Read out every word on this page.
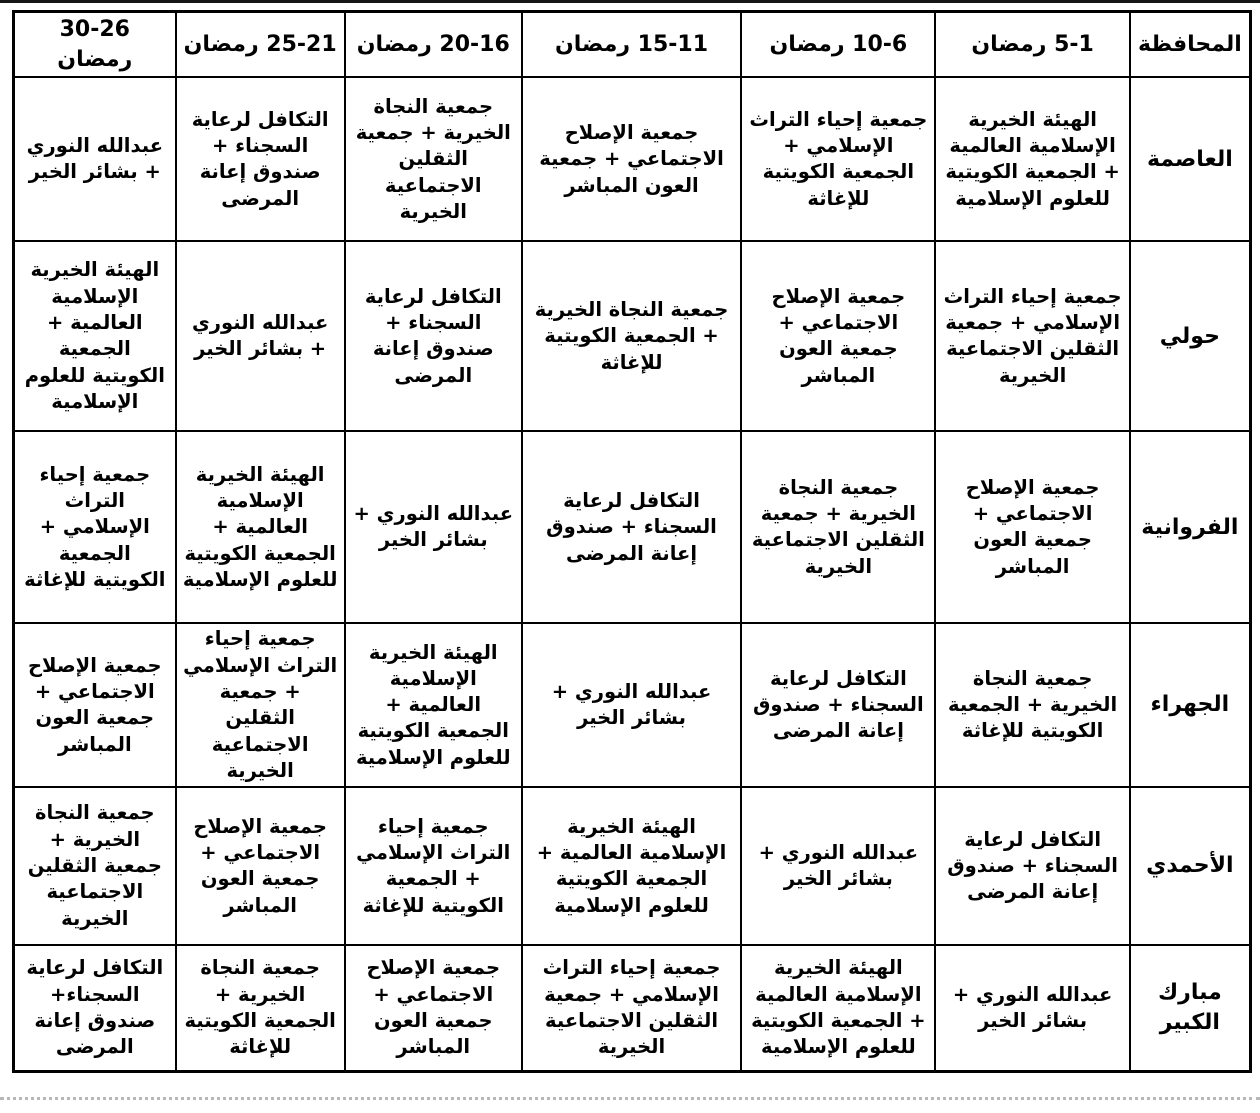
المحافظة	5-1 رمضان	10-6 رمضان	15-11 رمضان	20-16 رمضان	25-21 رمضان	30-26 رمضان
العاصمة	الهيئة الخيرية الإسلامية العالمية + الجمعية الكويتية للعلوم الإسلامية	جمعية إحياء التراث الإسلامي + الجمعية الكويتية للإغاثة	جمعية الإصلاح الاجتماعي + جمعية العون المباشر	جمعية النجاة الخيرية + جمعية الثقلين الاجتماعية الخيرية	التكافل لرعاية السجناء + صندوق إعانة المرضى	عبدالله النوري + بشائر الخير
حولي	جمعية إحياء التراث الإسلامي + جمعية الثقلين الاجتماعية الخيرية	جمعية الإصلاح الاجتماعي + جمعية العون المباشر	جمعية النجاة الخيرية + الجمعية الكويتية للإغاثة	التكافل لرعاية السجناء + صندوق إعانة المرضى	عبدالله النوري + بشائر الخير	الهيئة الخيرية الإسلامية العالمية + الجمعية الكويتية للعلوم الإسلامية
الفروانية	جمعية الإصلاح الاجتماعي + جمعية العون المباشر	جمعية النجاة الخيرية + جمعية الثقلين الاجتماعية الخيرية	التكافل لرعاية السجناء + صندوق إعانة المرضى	عبدالله النوري + بشائر الخير	الهيئة الخيرية الإسلامية العالمية + الجمعية الكويتية للعلوم الإسلامية	جمعية إحياء التراث الإسلامي + الجمعية الكويتية للإغاثة
الجهراء	جمعية النجاة الخيرية + الجمعية الكويتية للإغاثة	التكافل لرعاية السجناء + صندوق إعانة المرضى	عبدالله النوري + بشائر الخير	الهيئة الخيرية الإسلامية العالمية + الجمعية الكويتية للعلوم الإسلامية	جمعية إحياء التراث الإسلامي + جمعية الثقلين الاجتماعية الخيرية	جمعية الإصلاح الاجتماعي + جمعية العون المباشر
الأحمدي	التكافل لرعاية السجناء + صندوق إعانة المرضى	عبدالله النوري + بشائر الخير	الهيئة الخيرية الإسلامية العالمية + الجمعية الكويتية للعلوم الإسلامية	جمعية إحياء التراث الإسلامي + الجمعية الكويتية للإغاثة	جمعية الإصلاح الاجتماعي + جمعية العون المباشر	جمعية النجاة الخيرية + جمعية الثقلين الاجتماعية الخيرية
مبارك الكبير	عبدالله النوري + بشائر الخير	الهيئة الخيرية الإسلامية العالمية + الجمعية الكويتية للعلوم الإسلامية	جمعية إحياء التراث الإسلامي + جمعية الثقلين الاجتماعية الخيرية	جمعية الإصلاح الاجتماعي + جمعية العون المباشر	جمعية النجاة الخيرية + الجمعية الكويتية للإغاثة	التكافل لرعاية السجناء+ صندوق إعانة المرضى
